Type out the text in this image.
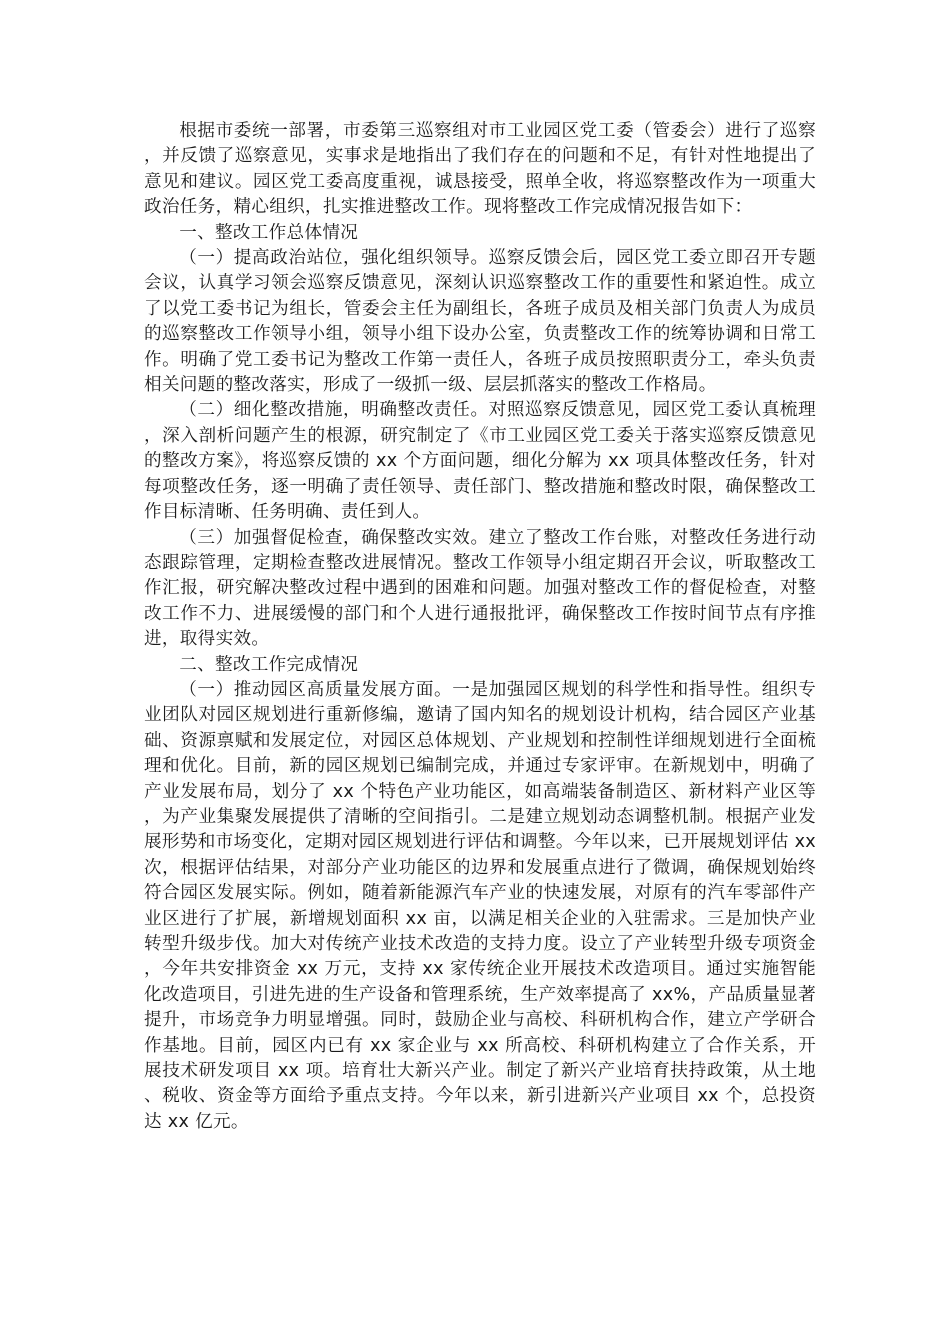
根据市委统一部署，市委第三巡察组对市工业园区党工委（管委会）进行了巡察，并反馈了巡察意见，实事求是地指出了我们存在的问题和不足，有针对性地提出了意见和建议。园区党工委高度重视，诚恳接受，照单全收，将巡察整改作为一项重大政治任务，精心组织，扎实推进整改工作。现将整改工作完成情况报告如下：

一、整改工作总体情况

（一）提高政治站位，强化组织领导。巡察反馈会后，园区党工委立即召开专题会议，认真学习领会巡察反馈意见，深刻认识巡察整改工作的重要性和紧迫性。成立了以党工委书记为组长，管委会主任为副组长，各班子成员及相关部门负责人为成员的巡察整改工作领导小组，领导小组下设办公室，负责整改工作的统筹协调和日常工作。明确了党工委书记为整改工作第一责任人，各班子成员按照职责分工，牵头负责相关问题的整改落实，形成了一级抓一级、层层抓落实的整改工作格局。

（二）细化整改措施，明确整改责任。对照巡察反馈意见，园区党工委认真梳理，深入剖析问题产生的根源，研究制定了《市工业园区党工委关于落实巡察反馈意见的整改方案》，将巡察反馈的 xx 个方面问题，细化分解为 xx 项具体整改任务，针对每项整改任务，逐一明确了责任领导、责任部门、整改措施和整改时限，确保整改工作目标清晰、任务明确、责任到人。

（三）加强督促检查，确保整改实效。建立了整改工作台账，对整改任务进行动态跟踪管理，定期检查整改进展情况。整改工作领导小组定期召开会议，听取整改工作汇报，研究解决整改过程中遇到的困难和问题。加强对整改工作的督促检查，对整改工作不力、进展缓慢的部门和个人进行通报批评，确保整改工作按时间节点有序推进，取得实效。

二、整改工作完成情况

（一）推动园区高质量发展方面。一是加强园区规划的科学性和指导性。组织专业团队对园区规划进行重新修编，邀请了国内知名的规划设计机构，结合园区产业基础、资源禀赋和发展定位，对园区总体规划、产业规划和控制性详细规划进行全面梳理和优化。目前，新的园区规划已编制完成，并通过专家评审。在新规划中，明确了产业发展布局，划分了 xx 个特色产业功能区，如高端装备制造区、新材料产业区等，为产业集聚发展提供了清晰的空间指引。二是建立规划动态调整机制。根据产业发展形势和市场变化，定期对园区规划进行评估和调整。今年以来，已开展规划评估 xx 次，根据评估结果，对部分产业功能区的边界和发展重点进行了微调，确保规划始终符合园区发展实际。例如，随着新能源汽车产业的快速发展，对原有的汽车零部件产业区进行了扩展，新增规划面积 xx 亩，以满足相关企业的入驻需求。三是加快产业转型升级步伐。加大对传统产业技术改造的支持力度。设立了产业转型升级专项资金，今年共安排资金 xx 万元，支持 xx 家传统企业开展技术改造项目。通过实施智能化改造项目，引进先进的生产设备和管理系统，生产效率提高了 xx%，产品质量显著提升，市场竞争力明显增强。同时，鼓励企业与高校、科研机构合作，建立产学研合作基地。目前，园区内已有 xx 家企业与 xx 所高校、科研机构建立了合作关系，开展技术研发项目 xx 项。培育壮大新兴产业。制定了新兴产业培育扶持政策，从土地、税收、资金等方面给予重点支持。今年以来，新引进新兴产业项目 xx 个，总投资达 xx 亿元。
